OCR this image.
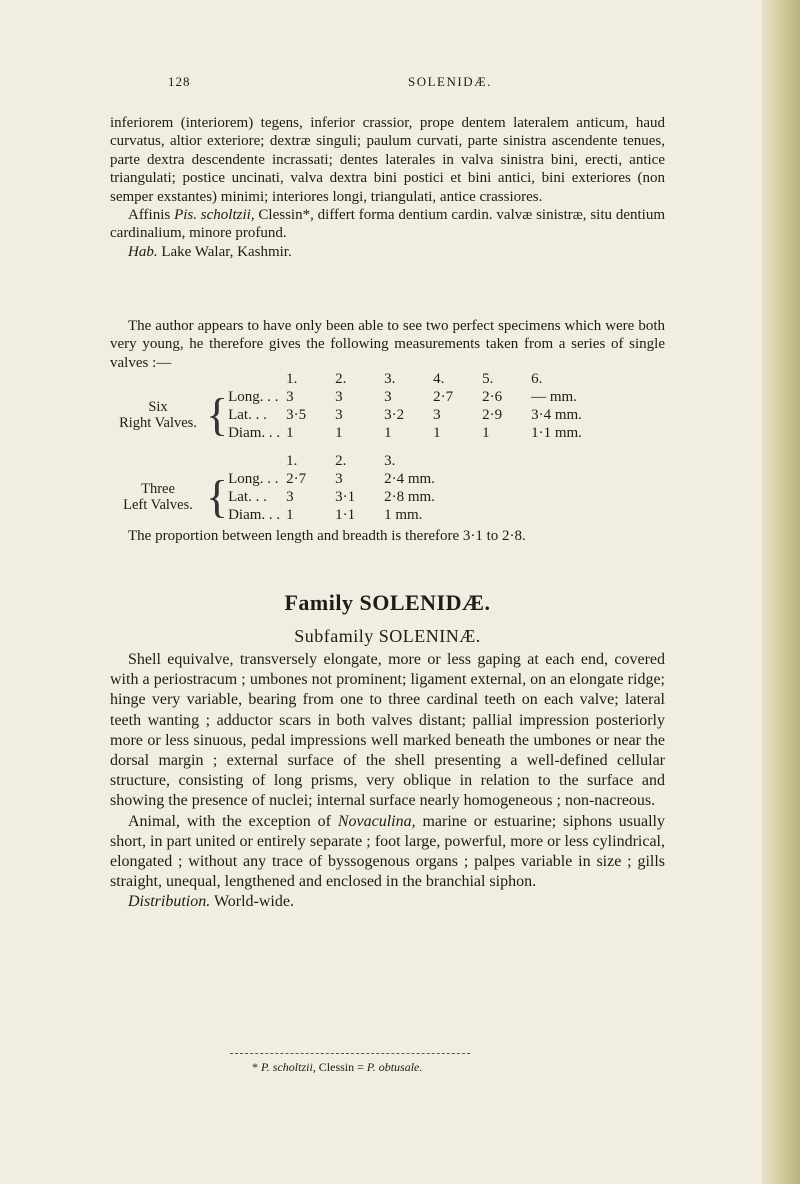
128	SOLENIDÆ.

inferiorem (interiorem) tegens, inferior crassior, prope dentem lateralem anticum, haud curvatus, altior exteriore; dextræ singuli; paulum curvati, parte sinistra ascendente tenues, parte dextra descendente incrassati; dentes laterales in valva sinistra bini, erecti, antice triangulati; postice uncinati, valva dextra bini postici et bini antici, bini exteriores (non semper exstantes) minimi; interiores longi, triangulati, antice crassiores.

Affinis Pis. scholtzii, Clessin*, differt forma dentium cardin. valvæ sinistræ, situ dentium cardinalium, minore profund.

Hab. Lake Walar, Kashmir.

The author appears to have only been able to see two perfect specimens which were both very young, he therefore gives the following measurements taken from a series of single valves :—
			1.	2.	3.	4.	5.	6.
Six
Right Valves.	{	Long. . .	3	3	3	2·7	2·6	— mm.
		Lat. . .	3·5	3	3·2	3	2·9	3·4 mm.
		Diam. . .	1	1	1	1	1	1·1 mm.
			1.	2.	3.
Three
Left Valves.	{	Long. . .	2·7	3	2·4 mm.
		Lat. . .	3	3·1	2·8 mm.
		Diam. . .	1	1·1	1 mm.
The proportion between length and breadth is therefore 3·1 to 2·8.
Family SOLENIDÆ.
Subfamily SOLENINÆ.

Shell equivalve, transversely elongate, more or less gaping at each end, covered with a periostracum ; umbones not prominent; ligament external, on an elongate ridge; hinge very variable, bearing from one to three cardinal teeth on each valve; lateral teeth wanting ; adductor scars in both valves distant; pallial impression posteriorly more or less sinuous, pedal impressions well marked beneath the umbones or near the dorsal margin ; external surface of the shell presenting a well-defined cellular structure, consisting of long prisms, very oblique in relation to the surface and showing the presence of nuclei; internal surface nearly homogeneous ; non-nacreous.

Animal, with the exception of Novaculina, marine or estuarine; siphons usually short, in part united or entirely separate ; foot large, powerful, more or less cylindrical, elongated ; without any trace of byssogenous organs ; palpes variable in size ; gills straight, unequal, lengthened and enclosed in the branchial siphon.

Distribution. World-wide.

* P. scholtzii, Clessin = P. obtusale.
